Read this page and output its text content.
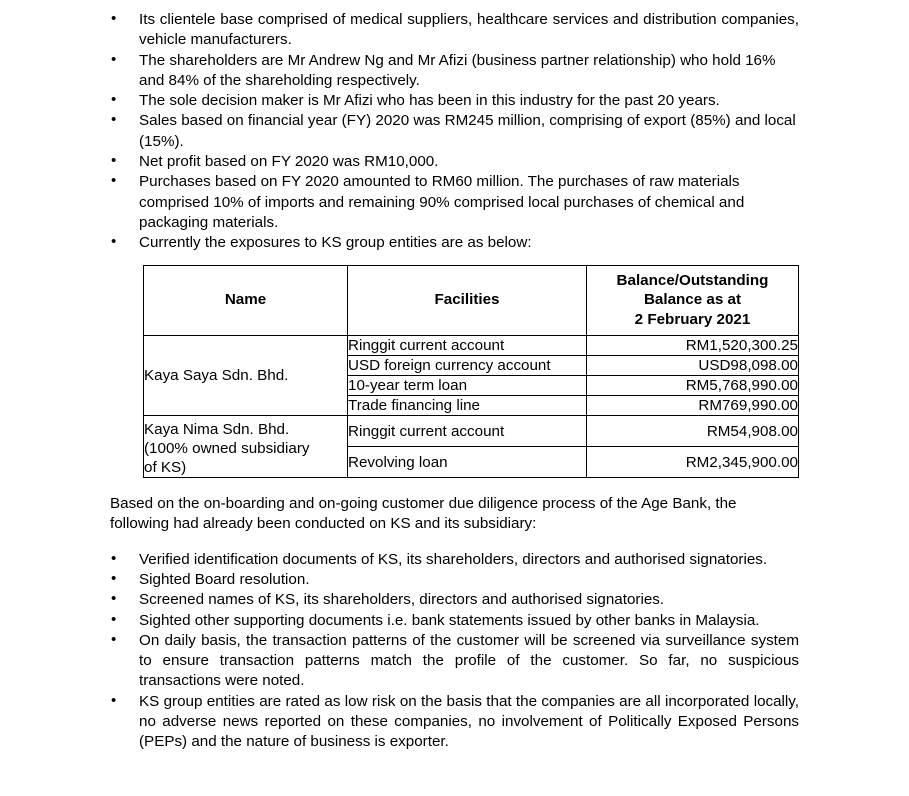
• Its clientele base comprised of medical suppliers, healthcare services and distribution companies, vehicle manufacturers.
• The shareholders are Mr Andrew Ng and Mr Afizi (business partner relationship) who hold 16% and 84% of the shareholding respectively.
• The sole decision maker is Mr Afizi who has been in this industry for the past 20 years.
• Sales based on financial year (FY) 2020 was RM245 million, comprising of export (85%) and local (15%).
• Net profit based on FY 2020 was RM10,000.
• Purchases based on FY 2020 amounted to RM60 million. The purchases of raw materials comprised 10% of imports and remaining 90% comprised local purchases of chemical and packaging materials.
• Currently the exposures to KS group entities are as below:
Name	Facilities	Balance/Outstanding
Balance as at
2 February 2021
Kaya Saya Sdn. Bhd.	Ringgit current account	RM1,520,300.25
	USD foreign currency account	USD98,098.00
	10-year term loan	RM5,768,990.00
	Trade financing line	RM769,990.00
Kaya Nima Sdn. Bhd.
(100% owned subsidiary
of KS)	Ringgit current account	RM54,908.00
	Revolving loan	RM2,345,900.00

Based on the on-boarding and on-going customer due diligence process of the Age Bank, the following had already been conducted on KS and its subsidiary:

• Verified identification documents of KS, its shareholders, directors and authorised signatories.
• Sighted Board resolution.
• Screened names of KS, its shareholders, directors and authorised signatories.
• Sighted other supporting documents i.e. bank statements issued by other banks in Malaysia.
• On daily basis, the transaction patterns of the customer will be screened via surveillance system to ensure transaction patterns match the profile of the customer. So far, no suspicious transactions were noted.
• KS group entities are rated as low risk on the basis that the companies are all incorporated locally, no adverse news reported on these companies, no involvement of Politically Exposed Persons (PEPs) and the nature of business is exporter.
